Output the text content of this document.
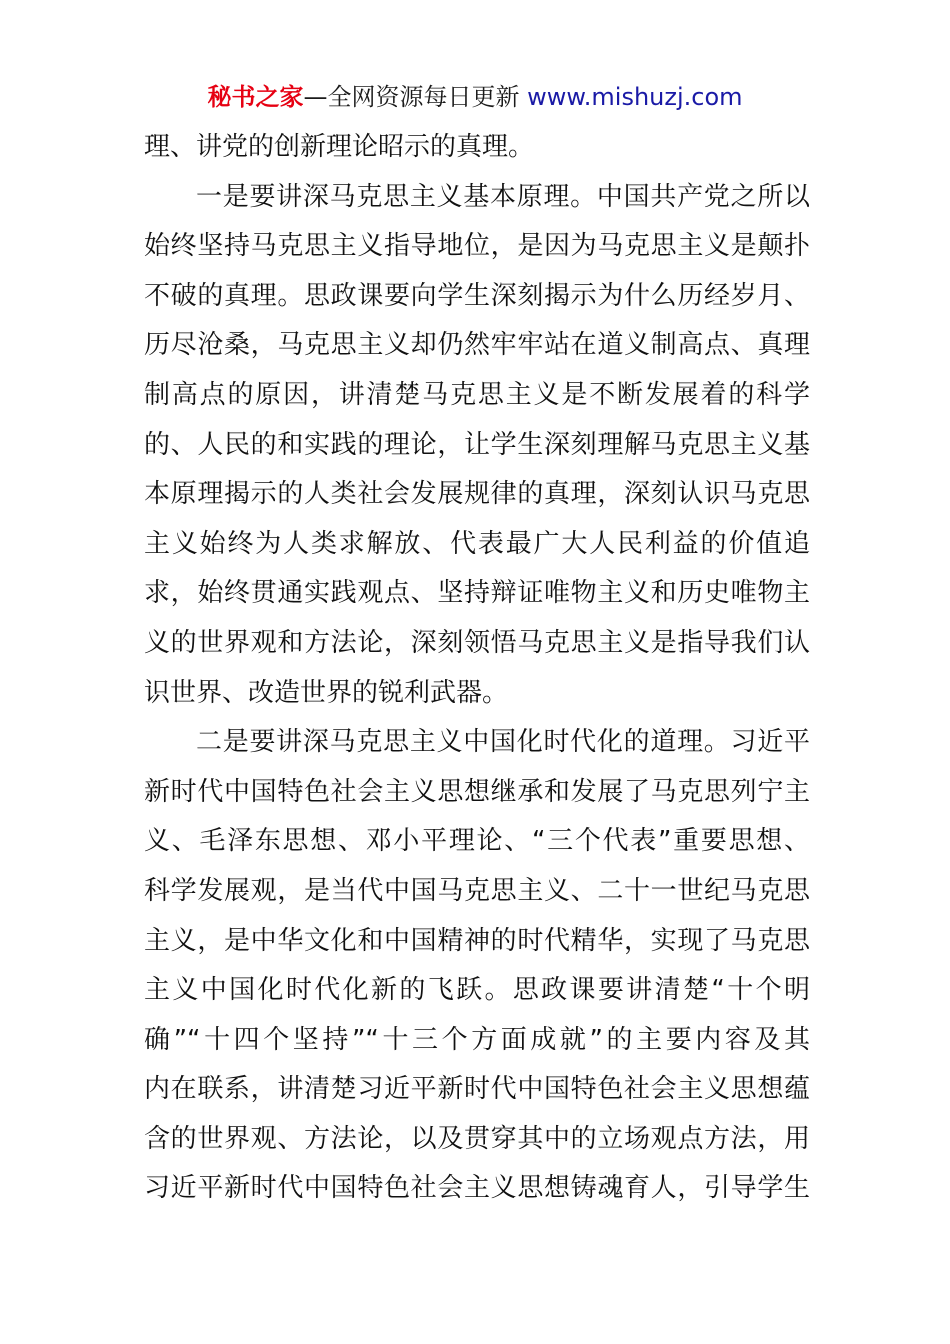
秘书之家—全网资源每日更新 www.mishuzj.com
理、讲党的创新理论昭示的真理。
一是要讲深马克思主义基本原理。中国共产党之所以
始终坚持马克思主义指导地位，是因为马克思主义是颠扑
不破的真理。思政课要向学生深刻揭示为什么历经岁月、
历尽沧桑，马克思主义却仍然牢牢站在道义制高点、真理
制高点的原因，讲清楚马克思主义是不断发展着的科学
的、人民的和实践的理论，让学生深刻理解马克思主义基
本原理揭示的人类社会发展规律的真理，深刻认识马克思
主义始终为人类求解放、代表最广大人民利益的价值追
求，始终贯通实践观点、坚持辩证唯物主义和历史唯物主
义的世界观和方法论，深刻领悟马克思主义是指导我们认
识世界、改造世界的锐利武器。
二是要讲深马克思主义中国化时代化的道理。习近平
新时代中国特色社会主义思想继承和发展了马克思列宁主
义、毛泽东思想、邓小平理论、“三个代表”重要思想、
科学发展观，是当代中国马克思主义、二十一世纪马克思
主义，是中华文化和中国精神的时代精华，实现了马克思
主义中国化时代化新的飞跃。思政课要讲清楚“十个明
确”“十四个坚持”“十三个方面成就”的主要内容及其
内在联系，讲清楚习近平新时代中国特色社会主义思想蕴
含的世界观、方法论，以及贯穿其中的立场观点方法，用
习近平新时代中国特色社会主义思想铸魂育人，引导学生
